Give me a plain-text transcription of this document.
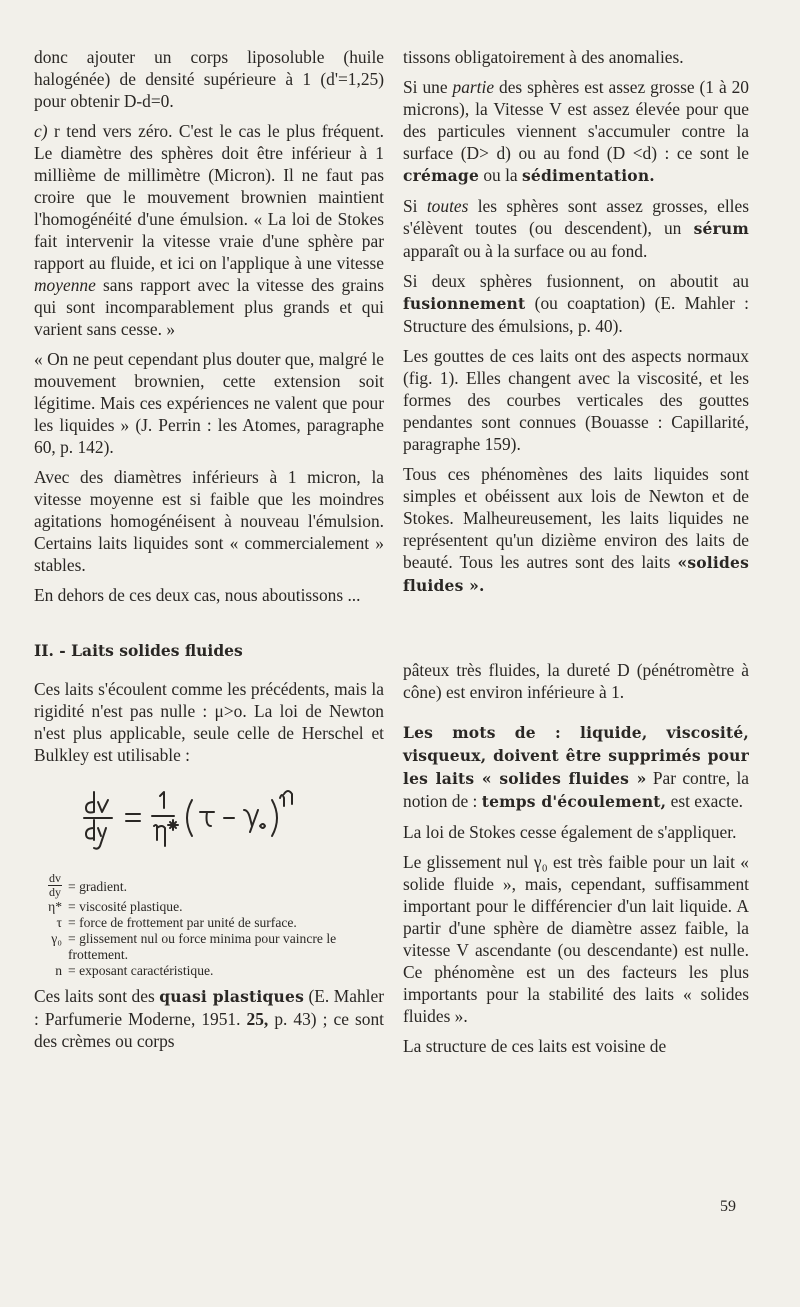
donc ajouter un corps liposoluble (huile halogénée) de densité supérieure à 1 (d'=1,25) pour obtenir D-d=0.

c) r tend vers zéro. C'est le cas le plus fréquent. Le diamètre des sphères doit être inférieur à 1 millième de millimètre (Micron). Il ne faut pas croire que le mouvement brownien maintient l'homogénéité d'une émulsion. « La loi de Stokes fait intervenir la vitesse vraie d'une sphère par rapport au fluide, et ici on l'applique à une vitesse moyenne sans rapport avec la vitesse des grains qui sont incomparablement plus grands et qui varient sans cesse. »

« On ne peut cependant plus douter que, malgré le mouvement brownien, cette extension soit légitime. Mais ces expériences ne valent que pour les liquides » (J. Perrin : les Atomes, paragraphe 60, p. 142).

Avec des diamètres inférieurs à 1 micron, la vitesse moyenne est si faible que les moindres agitations homogénéisent à nouveau l'émulsion. Certains laits liquides sont « commercialement » stables.

En dehors de ces deux cas, nous aboutissons ...

II. - Laits solides fluides

Ces laits s'écoulent comme les précédents, mais la rigidité n'est pas nulle : μ>o. La loi de Newton n'est plus applicable, seule celle de Herschel et Bulkley est utilisable :

$\frac{dv}{dy}$ = gradient.
η* = viscosité plastique.
τ = force de frottement par unité de surface.
γ₀ = glissement nul ou force minima pour vaincre le frottement.
n = exposant caractéristique.

Ces laits sont des quasi plastiques (E. Mahler : Parfumerie Moderne, 1951. 25, p. 43) ; ce sont des crèmes ou corps

tissons obligatoirement à des anomalies.

Si une partie des sphères est assez grosse (1 à 20 microns), la Vitesse V est assez élevée pour que des particules viennent s'accumuler contre la surface (D> d) ou au fond (D <d) : ce sont le crémage ou la sédimentation.

Si toutes les sphères sont assez grosses, elles s'élèvent toutes (ou descendent), un sérum apparaît ou à la surface ou au fond.

Si deux sphères fusionnent, on aboutit au fusionnement (ou coaptation) (E. Mahler : Structure des émulsions, p. 40).

Les gouttes de ces laits ont des aspects normaux (fig. 1). Elles changent avec la viscosité, et les formes des courbes verticales des gouttes pendantes sont connues (Bouasse : Capillarité, paragraphe 159).

Tous ces phénomènes des laits liquides sont simples et obéissent aux lois de Newton et de Stokes. Malheureusement, les laits liquides ne représentent qu'un dizième environ des laits de beauté. Tous les autres sont des laits «solides fluides ».

pâteux très fluides, la dureté D (pénétromètre à cône) est environ inférieure à 1.

Les mots de : liquide, viscosité, visqueux, doivent être supprimés pour les laits « solides fluides » Par contre, la notion de : temps d'écoulement, est exacte.

La loi de Stokes cesse également de s'appliquer.

Le glissement nul γ₀ est très faible pour un lait « solide fluide », mais, cependant, suffisamment important pour le différencier d'un lait liquide. A partir d'une sphère de diamètre assez faible, la vitesse V ascendante (ou descendante) est nulle. Ce phénomène est un des facteurs les plus importants pour la stabilité des laits « solides fluides ».

La structure de ces laits est voisine de

59
